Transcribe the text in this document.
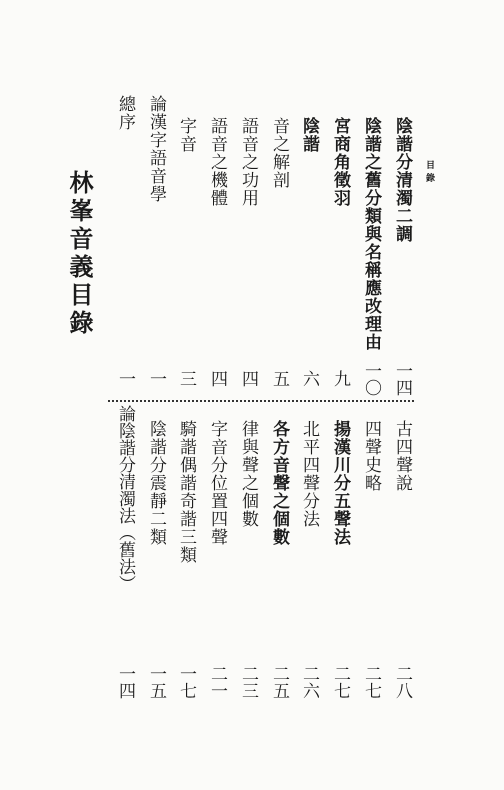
目錄
陰諧分清濁二調
陰諧之舊分類與名稱應改理由
宮商角徵羽
陰諧
音之解剖
語音之功用
語音之機體
字音
論漢字語音學
總序
一四
一〇
九
六
五
四
四
三
一
一
古四聲說
四聲史略
揚漢川分五聲法
北平四聲分法
各方音聲之個數
律與聲之個數
字音分位置四聲
騎諧偶諧奇諧三類
陰諧分震靜二類
論陰諧分清濁法（舊法）
二八
二七
二七
二六
二五
二三
二一
一七
一五
一四
林峯音義目錄
